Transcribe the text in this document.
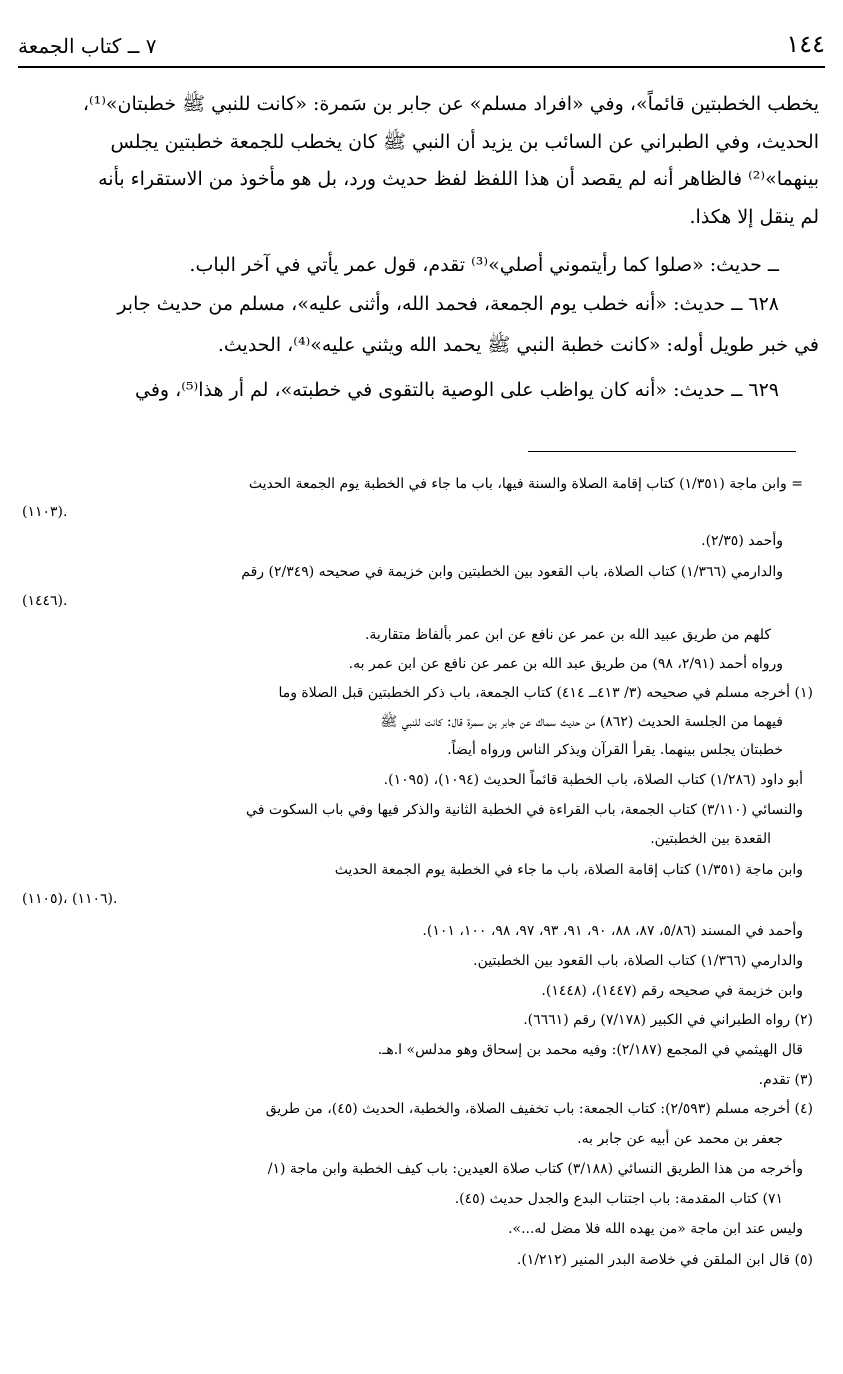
٧ ــ كتاب الجمعة	١٤٤
يخطب الخطبتين قائماً»، وفي «افراد مسلم» عن جابر بن سَمرة: «كانت للنبي ﷺ خطبتان»⁽¹⁾،
الحديث، وفي الطبراني عن السائب بن يزيد أن النبي ﷺ كان يخطب للجمعة خطبتين يجلس
بينهما»⁽²⁾ فالظاهر أنه لم يقصد أن هذا اللفظ لفظ حديث ورد، بل هو مأخوذ من الاستقراء بأنه
لم ينقل إلا هكذا.
ــ حديث: «صلوا كما رأيتموني أصلي»⁽³⁾ تقدم، قول عمر يأتي في آخر الباب.
٦٢٨ ــ حديث: «أنه خطب يوم الجمعة، فحمد الله، وأثنى عليه»، مسلم من حديث جابر
في خبر طويل أوله: «كانت خطبة النبي ﷺ يحمد الله ويثني عليه»⁽⁴⁾، الحديث.
٦٢٩ ــ حديث: «أنه كان يواظب على الوصية بالتقوى في خطبته»، لم أر هذا⁽⁵⁾، وفي
= وابن ماجة (١/٣٥١) كتاب إقامة الصلاة والسنة فيها، باب ما جاء في الخطبة يوم الجمعة الحديث
(١١٠٣).
وأحمد (٢/٣٥).
والدارمي (١/٣٦٦) كتاب الصلاة، باب القعود بين الخطبتين وابن خزيمة في صحيحه (٢/٣٤٩) رقم
(١٤٤٦).
كلهم من طريق عبيد الله بن عمر عن نافع عن ابن عمر بألفاظ متقاربة.
ورواه أحمد (٢/٩١، ٩٨) من طريق عبد الله بن عمر عن نافع عن ابن عمر به.
(١) أخرجه مسلم في صحيحه (٣/ ٤١٣ــ ٤١٤) كتاب الجمعة، باب ذكر الخطبتين قبل الصلاة وما
فيهما من الجلسة الحديث (٨٦٢) من حديث سماك عن جابر بن سمرة قال: كانت للنبي ﷺ
خطبتان يجلس بينهما. يقرأ القرآن ويذكر الناس ورواه أيضاً.
أبو داود (١/٢٨٦) كتاب الصلاة، باب الخطبة قائماً الحديث (١٠٩٤)، (١٠٩٥).
والنسائي (٣/١١٠) كتاب الجمعة، باب القراءة في الخطبة الثانية والذكر فيها وفي باب السكوت في
القعدة بين الخطبتين.
وابن ماجة (١/٣٥١) كتاب إقامة الصلاة، باب ما جاء في الخطبة يوم الجمعة الحديث
(١١٠٥)، (١١٠٦).
وأحمد في المسند (٥/٨٦، ٨٧، ٨٨، ٩٠، ٩١، ٩٣، ٩٧، ٩٨، ١٠٠، ١٠١).
والدارمي (١/٣٦٦) كتاب الصلاة، باب القعود بين الخطبتين.
وابن خزيمة في صحيحه رقم (١٤٤٧)، (١٤٤٨).
(٢) رواه الطبراني في الكبير (٧/١٧٨) رقم (٦٦٦١).
قال الهيثمي في المجمع (٢/١٨٧): وفيه محمد بن إسحاق وهو مدلس» ا.هـ.
(٣) تقدم.
(٤) أخرجه مسلم (٢/٥٩٣): كتاب الجمعة: باب تخفيف الصلاة، والخطبة، الحديث (٤٥)، من طريق
جعفر بن محمد عن أبيه عن جابر به.
وأخرجه من هذا الطريق النسائي (٣/١٨٨) كتاب صلاة العيدين: باب كيف الخطبة وابن ماجة (١/
٧١) كتاب المقدمة: باب اجتناب البدع والجدل حديث (٤٥).
وليس عند ابن ماجة «من يهده الله فلا مضل له...».
(٥) قال ابن الملقن في خلاصة البدر المنير (١/٢١٢).
